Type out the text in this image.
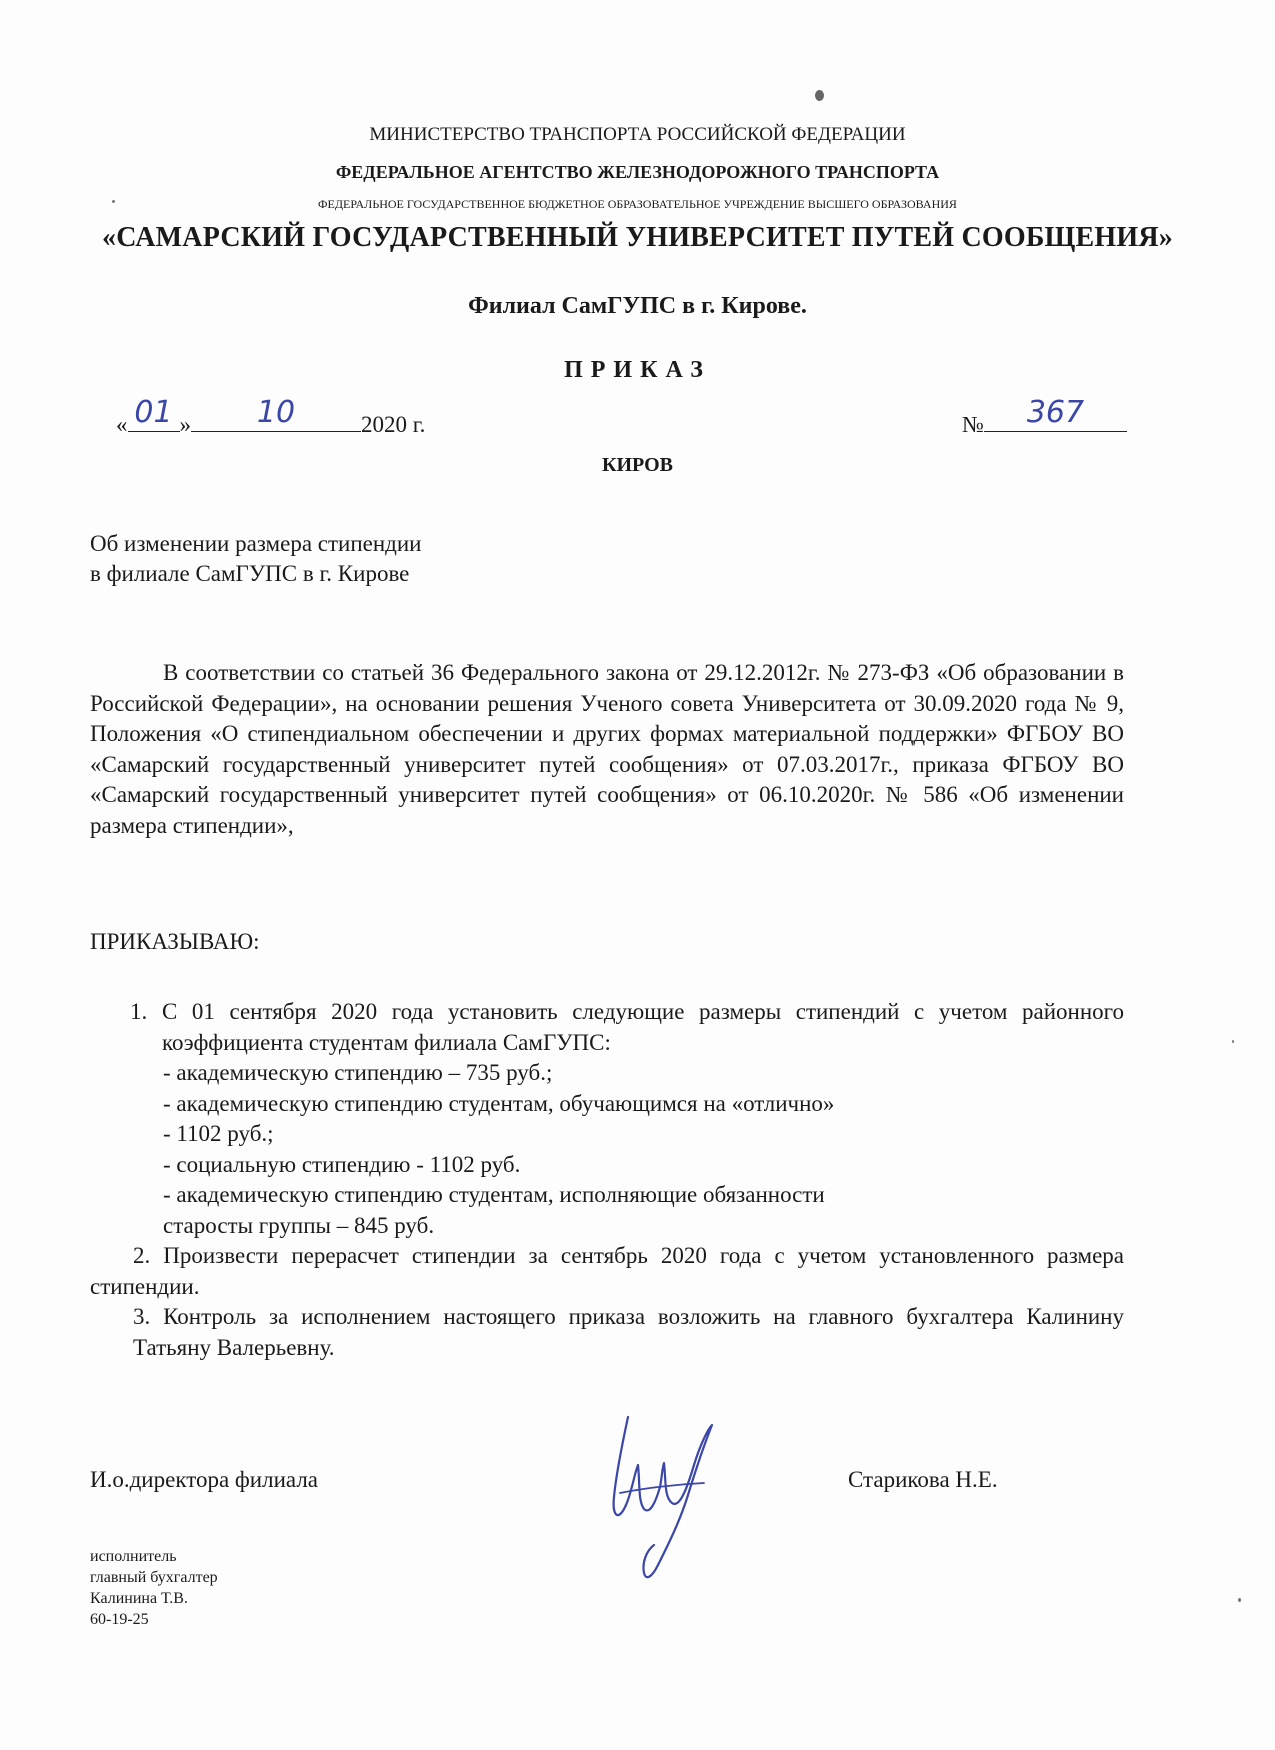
МИНИСТЕРСТВО ТРАНСПОРТА РОССИЙСКОЙ ФЕДЕРАЦИИ
ФЕДЕРАЛЬНОЕ АГЕНТСТВО ЖЕЛЕЗНОДОРОЖНОГО ТРАНСПОРТА
ФЕДЕРАЛЬНОЕ ГОСУДАРСТВЕННОЕ БЮДЖЕТНОЕ ОБРАЗОВАТЕЛЬНОЕ УЧРЕЖДЕНИЕ ВЫСШЕГО ОБРАЗОВАНИЯ
«САМАРСКИЙ ГОСУДАРСТВЕННЫЙ УНИВЕРСИТЕТ ПУТЕЙ СООБЩЕНИЯ»
Филиал СамГУПС в г. Кирове.
ПРИКАЗ
« 01 »	10	2020 г.	№	367
КИРОВ
Об изменении размера стипендии
в филиале СамГУПС в г. Кирове
В соответствии со статьей 36 Федерального закона от 29.12.2012г. № 273-ФЗ «Об образовании в Российской Федерации», на основании решения Ученого совета Университета от 30.09.2020 года № 9, Положения «О стипендиальном обеспечении и других формах материальной поддержки» ФГБОУ ВО «Самарский государственный университет путей сообщения» от 07.03.2017г., приказа ФГБОУ ВО «Самарский государственный университет путей сообщения» от 06.10.2020г. № 586 «Об изменении размера стипендии»,
ПРИКАЗЫВАЮ:
1. С 01 сентября 2020 года установить следующие размеры стипендий с учетом районного коэффициента студентам филиала СамГУПС:
- академическую стипендию – 735 руб.;
- академическую стипендию студентам, обучающимся на «отлично»
- 1102 руб.;
- социальную стипендию - 1102 руб.
- академическую стипендию студентам, исполняющие обязанности
старосты группы – 845 руб.
2. Произвести перерасчет стипендии за сентябрь 2020 года с учетом установленного размера стипендии.
3. Контроль за исполнением настоящего приказа возложить на главного бухгалтера Калинину Татьяну Валерьевну.
И.о.директора филиала	Старикова Н.Е.
исполнитель
главный бухгалтер
Калинина Т.В.
60-19-25
